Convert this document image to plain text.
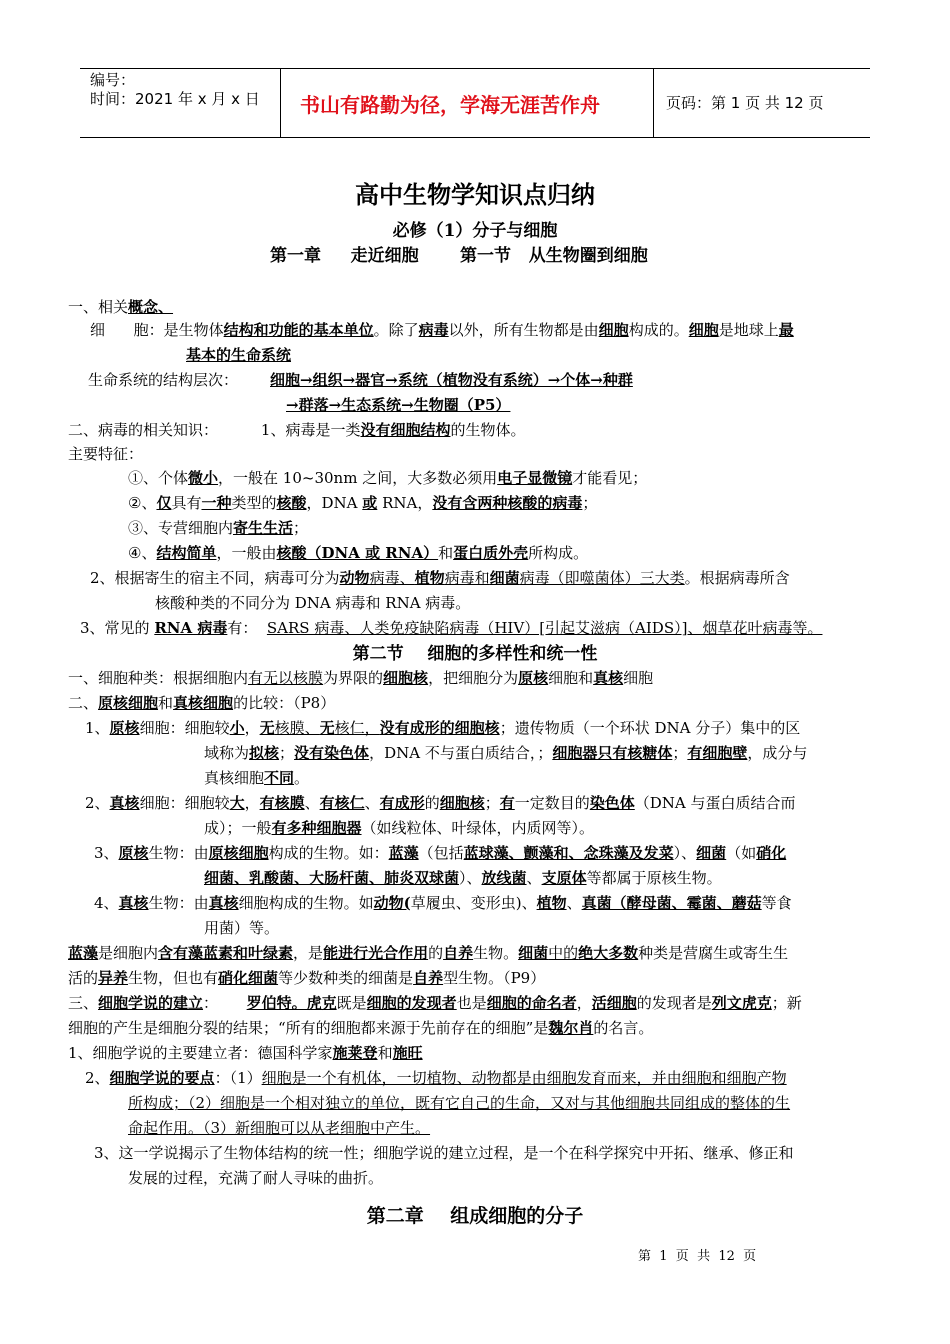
编号：
时间：2021 年 x 月 x 日 书山有路勤为径，学海无涯苦作舟	页码：第 1 页 共 12 页
高中生物学知识点归纳
必修（1）分子与细胞
第一章     走近细胞       第一节   从生物圈到细胞
一、相关概念、
细      胞：是生物体结构和功能的基本单位。除了病毒以外，所有生物都是由细胞构成的。细胞是地球上最
基本的生命系统
生命系统的结构层次： 细胞→组织→器官→系统（植物没有系统）→个体→种群
→群落→生态系统→生物圈（P5）
二、病毒的相关知识：         1、病毒是一类没有细胞结构的生物体。
主要特征：
①、个体微小，一般在 10~30nm 之间，大多数必须用电子显微镜才能看见；
②、仅具有一种类型的核酸，DNA 或 RNA，没有含两种核酸的病毒；
③、专营细胞内寄生生活；
④、结构简单，一般由核酸（DNA 或 RNA）和蛋白质外壳所构成。
2、根据寄生的宿主不同，病毒可分为动物病毒、植物病毒和细菌病毒（即噬菌体）三大类。根据病毒所含
核酸种类的不同分为 DNA 病毒和 RNA 病毒。
3、常见的 RNA 病毒有：  SARS 病毒、人类免疫缺陷病毒（HIV）[引起艾滋病（AIDS）]、烟草花叶病毒等。
第二节    细胞的多样性和统一性
一、细胞种类：根据细胞内有无以核膜为界限的细胞核，把细胞分为原核细胞和真核细胞
二、原核细胞和真核细胞的比较：（P8）
1、原核细胞：细胞较小，无核膜、无核仁，没有成形的细胞核；遗传物质（一个环状 DNA 分子）集中的区
域称为拟核；没有染色体，DNA 不与蛋白质结合，；细胞器只有核糖体；有细胞壁，成分与
真核细胞不同。
2、真核细胞：细胞较大，有核膜、有核仁、有成形的细胞核；有一定数目的染色体（DNA 与蛋白质结合而
成）；一般有多种细胞器（如线粒体、叶绿体，内质网等）。
3、原核生物：由原核细胞构成的生物。如：蓝藻（包括蓝球藻、颤藻和、念珠藻及发菜）、细菌（如硝化
细菌、乳酸菌、大肠杆菌、肺炎双球菌）、放线菌、支原体等都属于原核生物。
4、真核生物：由真核细胞构成的生物。如动物(草履虫、变形虫)、植物、真菌（酵母菌、霉菌、蘑菇等食
用菌）等。
蓝藻是细胞内含有藻蓝素和叶绿素，是能进行光合作用的自养生物。细菌中的绝大多数种类是营腐生或寄生生
活的异养生物，但也有硝化细菌等少数种类的细菌是自养型生物。（P9）
三、细胞学说的建立：      罗伯特。虎克既是细胞的发现者也是细胞的命名者，活细胞的发现者是列文虎克；新
细胞的产生是细胞分裂的结果；“所有的细胞都来源于先前存在的细胞”是魏尔肖的名言。
1、细胞学说的主要建立者：德国科学家施莱登和施旺
2、细胞学说的要点：（1）细胞是一个有机体，一切植物、动物都是由细胞发育而来，并由细胞和细胞产物
所构成；（2）细胞是一个相对独立的单位，既有它自己的生命，又对与其他细胞共同组成的整体的生
命起作用。（3）新细胞可以从老细胞中产生。
3、这一学说揭示了生物体结构的统一性；细胞学说的建立过程，是一个在科学探究中开拓、继承、修正和
发展的过程，充满了耐人寻味的曲折。
第二章    组成细胞的分子
第  1  页  共  12  页
